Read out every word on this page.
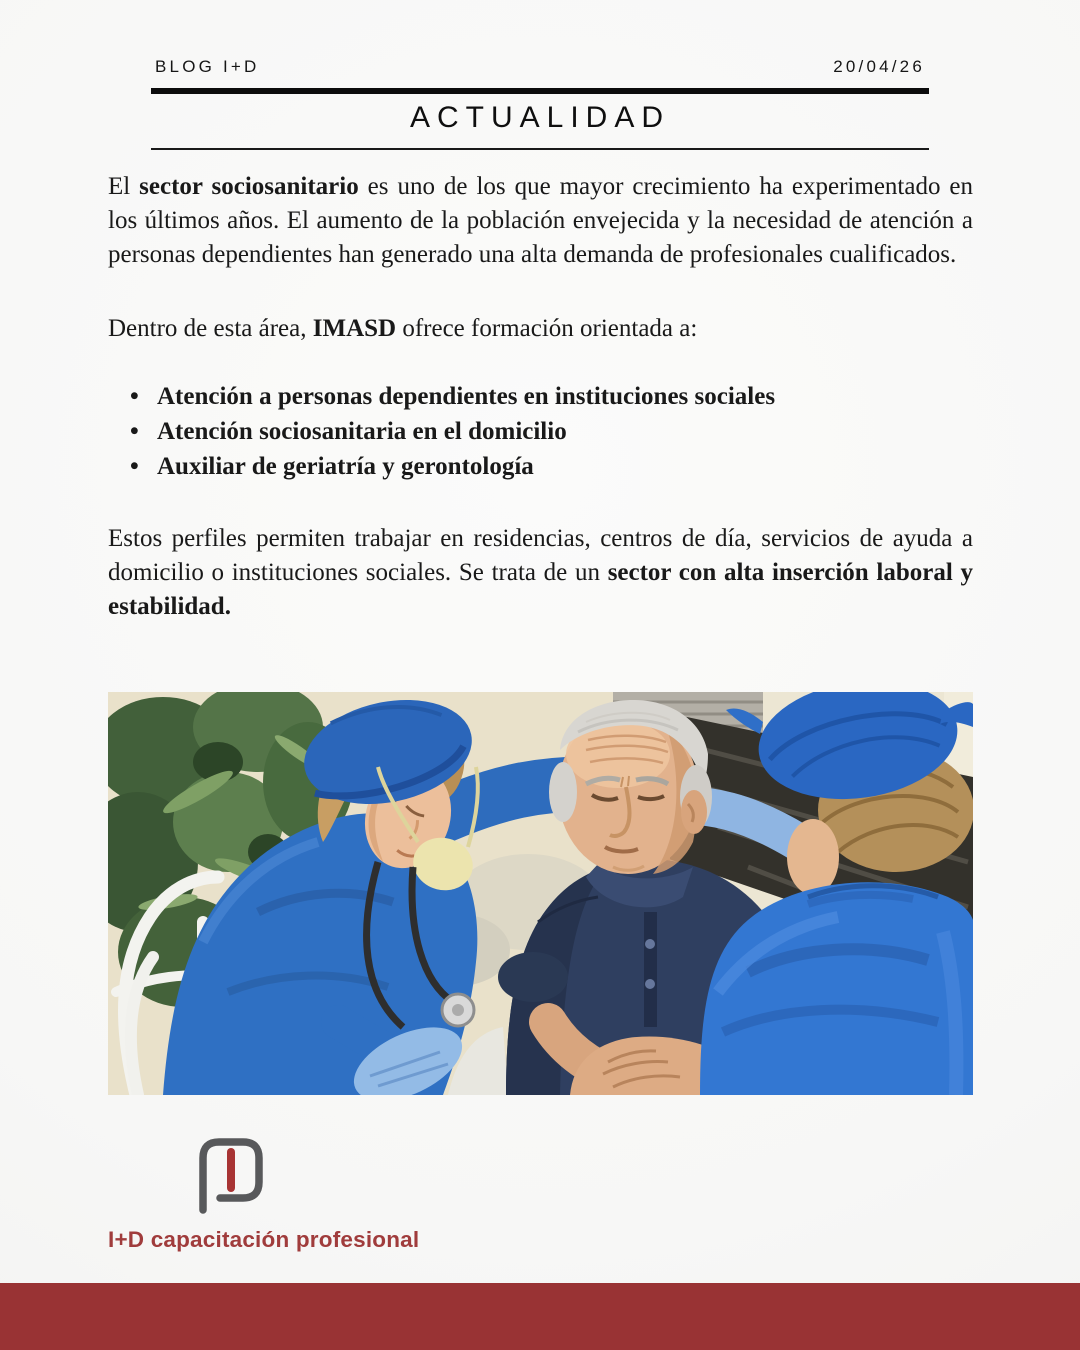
BLOG I+D	20/04/26
ACTUALIDAD

El sector sociosanitario es uno de los que mayor crecimiento ha experimentado en los últimos años. El aumento de la población envejecida y la necesidad de atención a personas dependientes han generado una alta demanda de profesionales cualificados.

Dentro de esta área, IMASD ofrece formación orientada a:

• Atención a personas dependientes en instituciones sociales
• Atención sociosanitaria en el domicilio
• Auxiliar de geriatría y gerontología

Estos perfiles permiten trabajar en residencias, centros de día, servicios de ayuda a domicilio o instituciones sociales. Se trata de un sector con alta inserción laboral y estabilidad.

I+D capacitación profesional
